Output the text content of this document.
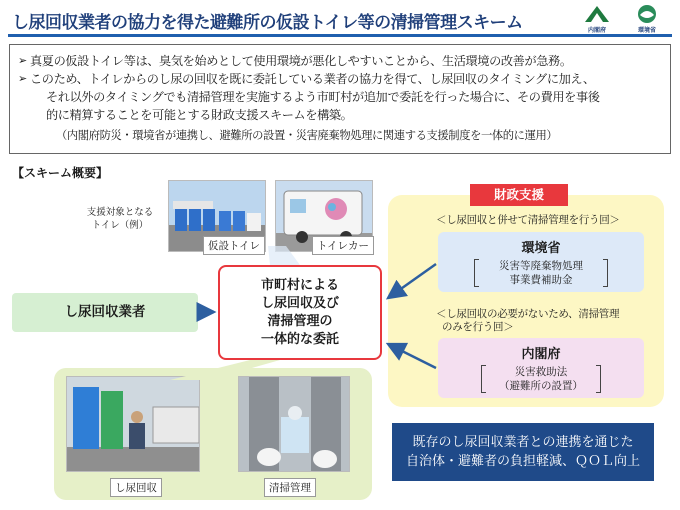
し尿回収業者の協力を得た避難所の仮設トイレ等の清掃管理スキーム	内閣府	環境省
➢ 真夏の仮設トイレ等は、臭気を始めとして使用環境が悪化しやすいことから、生活環境の改善が急務。
➢ このため、トイレからのし尿の回収を既に委託している業者の協力を得て、し尿回収のタイミングに加え、
それ以外のタイミングでも清掃管理を実施するよう市町村が追加で委託を行った場合に、その費用を事後
的に精算することを可能とする財政支援スキームを構築。
（内閣府防災・環境省が連携し、避難所の設置・災害廃棄物処理に関連する支援制度を一体的に運用）
【スキーム概要】
支援対象となる
トイレ（例）
仮設トイレ	トイレカー
財政支援
＜し尿回収と併せて清掃管理を行う回＞
環境省
災害等廃棄物処理
事業費補助金
＜し尿回収の必要がないため、清掃管理
のみを行う回＞
内閣府
災害救助法
（避難所の設置）
し尿回収	清掃管理
し尿回収業者
市町村による
し尿回収及び
清掃管理の
一体的な委託
既存のし尿回収業者との連携を通じた
自治体・避難者の負担軽減、ＱＯＬ向上
